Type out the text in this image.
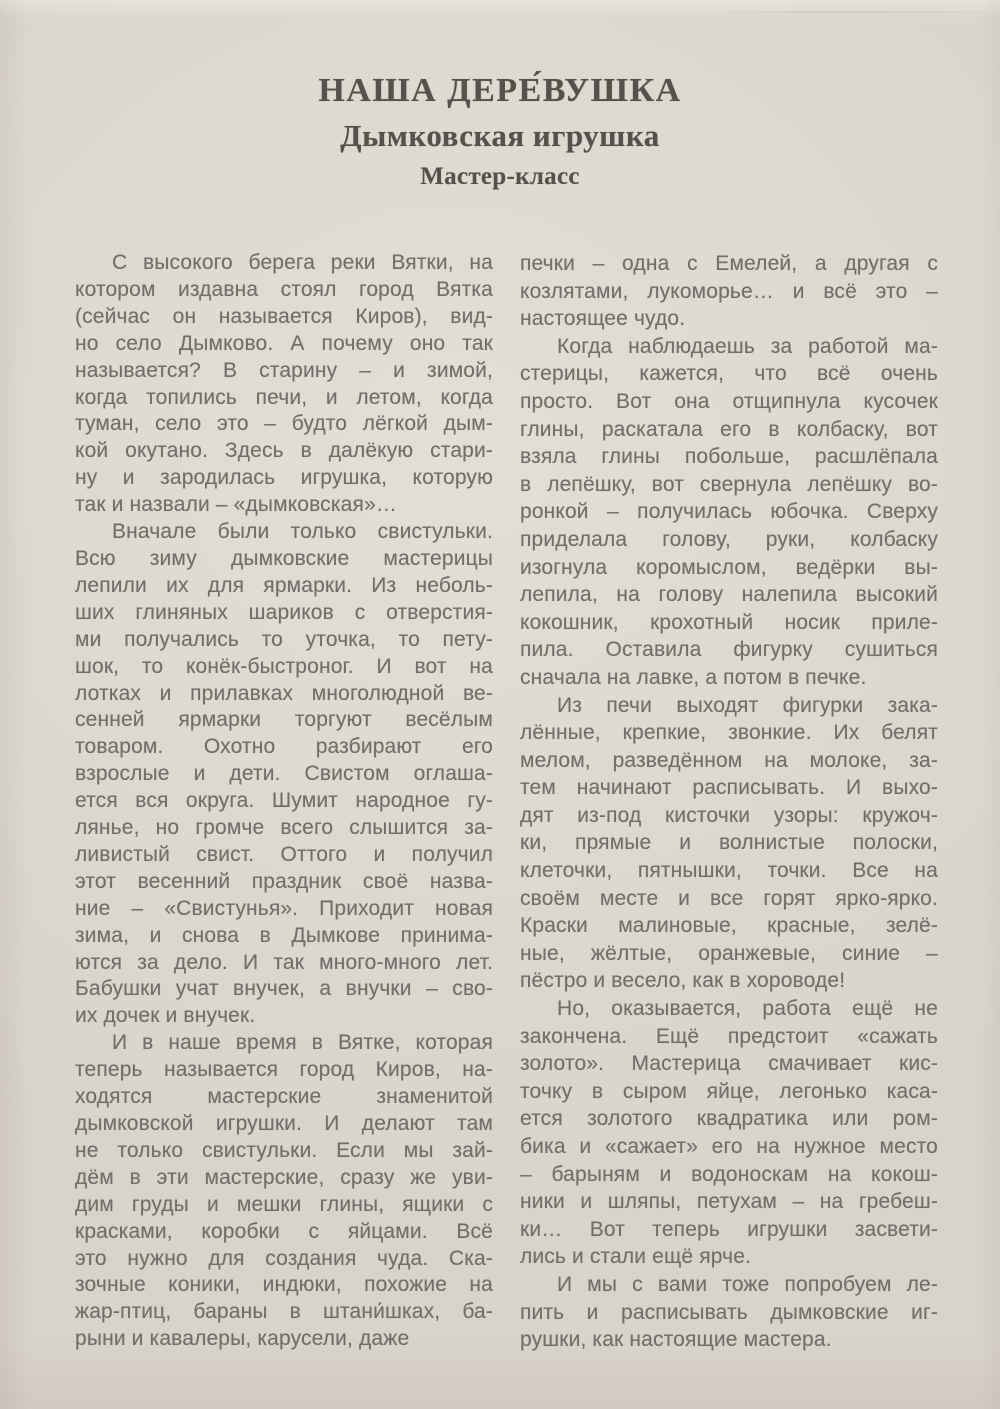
НАША ДЕРЕ́ВУШКА
Дымковская игрушка
Мастер-класс
С высокого берега реки Вятки, на
котором издавна стоял город Вятка
(сейчас он называется Киров), вид-
но село Дымково. А почему оно так
называется? В старину – и зимой,
когда топились печи, и летом, когда
туман, село это – будто лёгкой дым-
кой окутано. Здесь в далёкую стари-
ну и зародилась игрушка, которую
так и назвали – «дымковская»…
Вначале были только свистульки.
Всю зиму дымковские мастерицы
лепили их для ярмарки. Из неболь-
ших глиняных шариков с отверстия-
ми получались то уточка, то пету-
шок, то конёк-быстроног. И вот на
лотках и прилавках многолюдной ве-
сенней ярмарки торгуют весёлым
товаром. Охотно разбирают его
взрослые и дети. Свистом оглаша-
ется вся округа. Шумит народное гу-
лянье, но громче всего слышится за-
ливистый свист. Оттого и получил
этот весенний праздник своё назва-
ние – «Свистунья». Приходит новая
зима, и снова в Дымкове принима-
ются за дело. И так много-много лет.
Бабушки учат внучек, а внучки – сво-
их дочек и внучек.
И в наше время в Вятке, которая
теперь называется город Киров, на-
ходятся мастерские знаменитой
дымковской игрушки. И делают там
не только свистульки. Если мы зай-
дём в эти мастерские, сразу же уви-
дим груды и мешки глины, ящики с
красками, коробки с яйцами. Всё
это нужно для создания чуда. Ска-
зочные коники, индюки, похожие на
жар-птиц, бараны в штани́шках, ба-
рыни и кавалеры, карусели, даже
печки – одна с Емелей, а другая с
козлятами, лукоморье… и всё это –
настоящее чудо.
Когда наблюдаешь за работой ма-
стерицы, кажется, что всё очень
просто. Вот она отщипнула кусочек
глины, раскатала его в колбаску, вот
взяла глины побольше, расшлёпала
в лепёшку, вот свернула лепёшку во-
ронкой – получилась юбочка. Сверху
приделала голову, руки, колбаску
изогнула коромыслом, ведёрки вы-
лепила, на голову налепила высокий
кокошник, крохотный носик приле-
пила. Оставила фигурку сушиться
сначала на лавке, а потом в печке.
Из печи выходят фигурки зака-
лённые, крепкие, звонкие. Их белят
мелом, разведённом на молоке, за-
тем начинают расписывать. И выхо-
дят из-под кисточки узоры: кружоч-
ки, прямые и волнистые полоски,
клеточки, пятнышки, точки. Все на
своём месте и все горят ярко-ярко.
Краски малиновые, красные, зелё-
ные, жёлтые, оранжевые, синие –
пёстро и весело, как в хороводе!
Но, оказывается, работа ещё не
закончена. Ещё предстоит «сажать
золото». Мастерица смачивает кис-
точку в сыром яйце, легонько каса-
ется золотого квадратика или ром-
бика и «сажает» его на нужное место
– барыням и водоноскам на кокош-
ники и шляпы, петухам – на гребеш-
ки… Вот теперь игрушки засвети-
лись и стали ещё ярче.
И мы с вами тоже попробуем ле-
пить и расписывать дымковские иг-
рушки, как настоящие мастера.
